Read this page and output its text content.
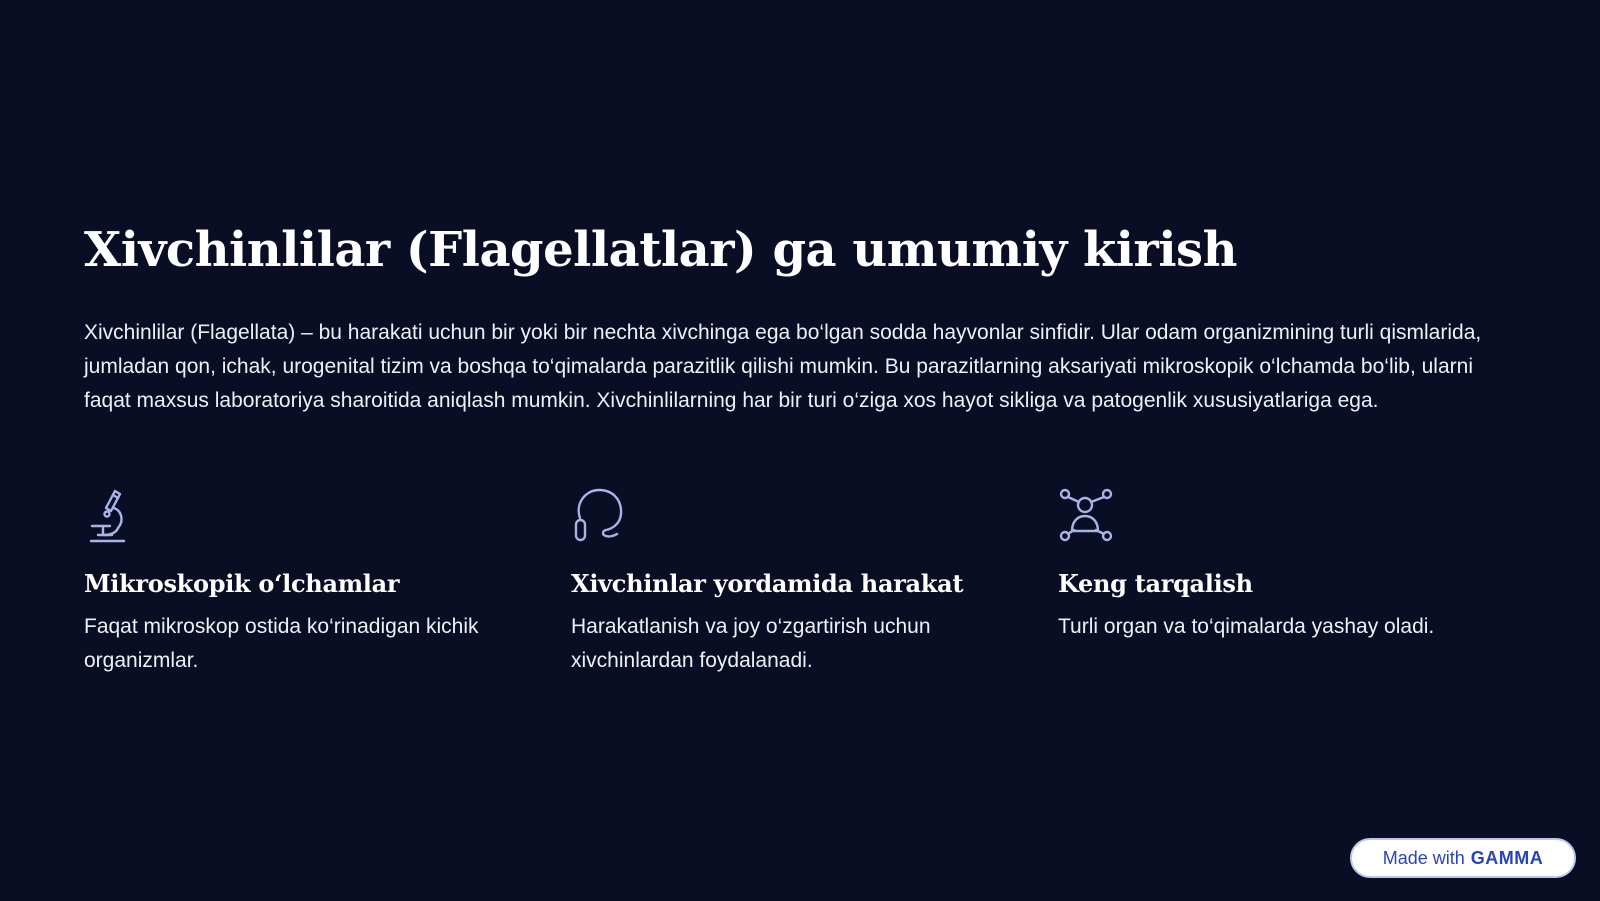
Xivchinlilar (Flagellatlar) ga umumiy kirish

Xivchinlilar (Flagellata) – bu harakati uchun bir yoki bir nechta xivchinga ega bo‘lgan sodda hayvonlar sinfidir. Ular odam organizmining turli qismlarida, jumladan qon, ichak, urogenital tizim va boshqa to‘qimalarda parazitlik qilishi mumkin. Bu parazitlarning aksariyati mikroskopik o‘lchamda bo‘lib, ularni faqat maxsus laboratoriya sharoitida aniqlash mumkin. Xivchinlilarning har bir turi o‘ziga xos hayot sikliga va patogenlik xususiyatlariga ega.

Mikroskopik o‘lchamlar

Faqat mikroskop ostida ko‘rinadigan kichik organizmlar.

Xivchinlar yordamida harakat

Harakatlanish va joy o‘zgartirish uchun xivchinlardan foydalanadi.

Keng tarqalish

Turli organ va to‘qimalarda yashay oladi.

Made with GAMMA
